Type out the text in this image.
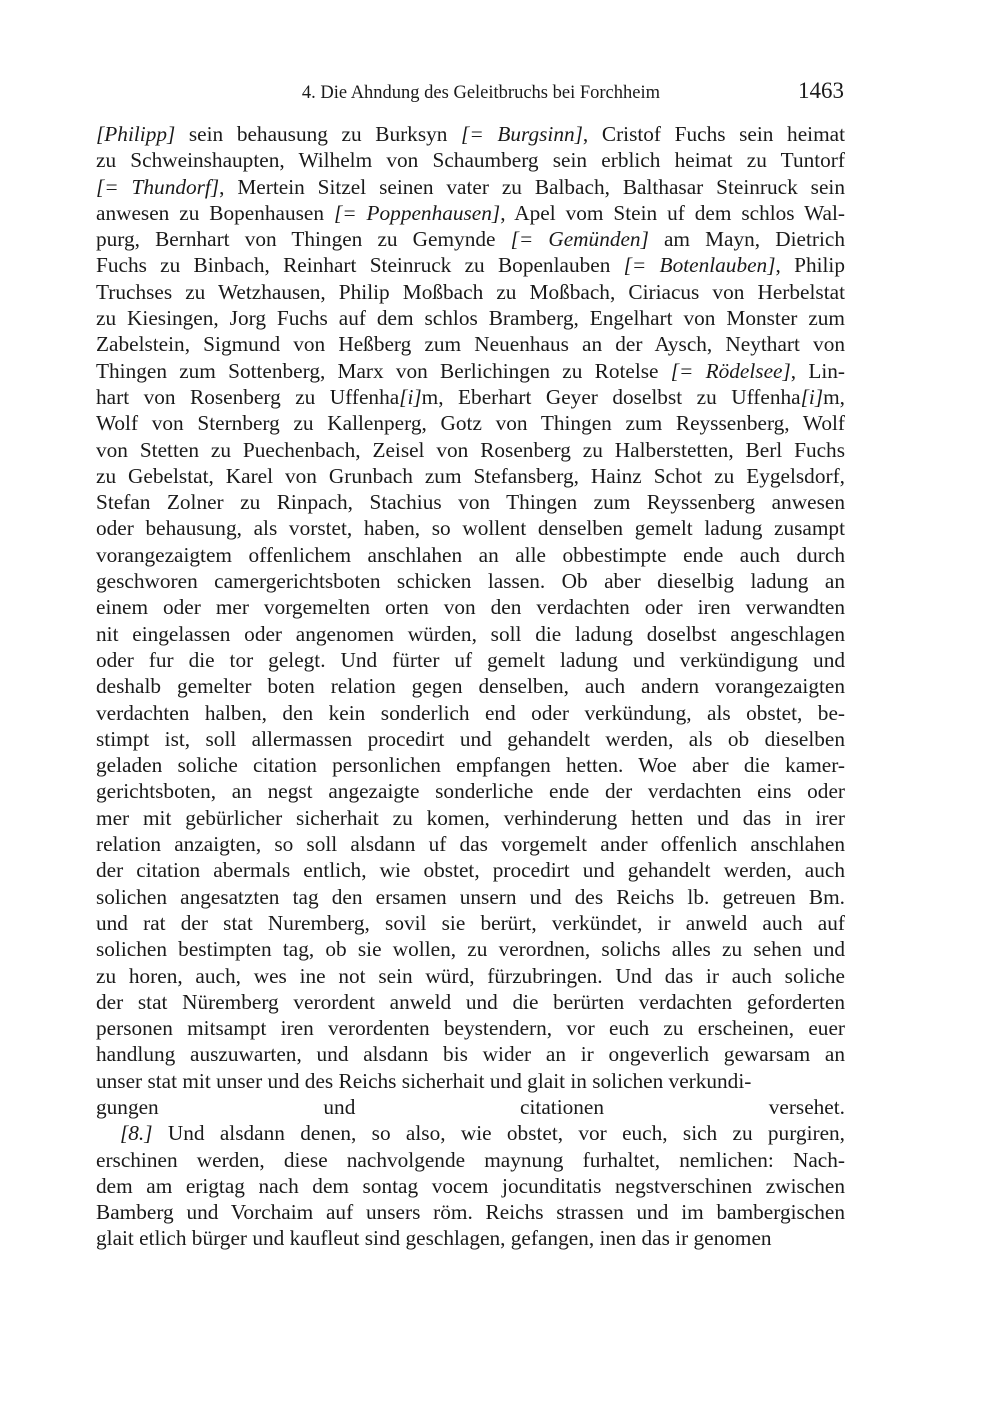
4. Die Ahndung des Geleitbruchs bei Forchheim	1463
[Philipp] sein behausung zu Burksyn [= Burgsinn], Cristof Fuchs sein heimat
zu Schweinshaupten, Wilhelm von Schaumberg sein erblich heimat zu Tuntorf
[= Thundorf], Mertein Sitzel seinen vater zu Balbach, Balthasar Steinruck sein
anwesen zu Bopenhausen [= Poppenhausen], Apel vom Stein uf dem schlos Wal-
purg, Bernhart von Thingen zu Gemynde [= Gemünden] am Mayn, Dietrich
Fuchs zu Binbach, Reinhart Steinruck zu Bopenlauben [= Botenlauben], Philip
Truchses zu Wetzhausen, Philip Moßbach zu Moßbach, Ciriacus von Herbelstat
zu Kiesingen, Jorg Fuchs auf dem schlos Bramberg, Engelhart von Monster zum
Zabelstein, Sigmund von Heßberg zum Neuenhaus an der Aysch, Neythart von
Thingen zum Sottenberg, Marx von Berlichingen zu Rotelse [= Rödelsee], Lin-
hart von Rosenberg zu Uffenha[i]m, Eberhart Geyer doselbst zu Uffenha[i]m,
Wolf von Sternberg zu Kallenperg, Gotz von Thingen zum Reyssenberg, Wolf
von Stetten zu Puechenbach, Zeisel von Rosenberg zu Halberstetten, Berl Fuchs
zu Gebelstat, Karel von Grunbach zum Stefansberg, Hainz Schot zu Eygelsdorf,
Stefan Zolner zu Rinpach, Stachius von Thingen zum Reyssenberg anwesen
oder behausung, als vorstet, haben, so wollent denselben gemelt ladung zusampt
vorangezaigtem offenlichem anschlahen an alle obbestimpte ende auch durch
geschworen camergerichtsboten schicken lassen. Ob aber dieselbig ladung an
einem oder mer vorgemelten orten von den verdachten oder iren verwandten
nit eingelassen oder angenomen würden, soll die ladung doselbst angeschlagen
oder fur die tor gelegt. Und fürter uf gemelt ladung und verkündigung und
deshalb gemelter boten relation gegen denselben, auch andern vorangezaigten
verdachten halben, den kein sonderlich end oder verkündung, als obstet, be-
stimpt ist, soll allermassen procedirt und gehandelt werden, als ob dieselben
geladen soliche citation personlichen empfangen hetten. Woe aber die kamer-
gerichtsboten, an negst angezaigte sonderliche ende der verdachten eins oder
mer mit gebürlicher sicherhait zu komen, verhinderung hetten und das in irer
relation anzaigten, so soll alsdann uf das vorgemelt ander offenlich anschlahen
der citation abermals entlich, wie obstet, procedirt und gehandelt werden, auch
solichen angesatzten tag den ersamen unsern und des Reichs lb. getreuen Bm.
und rat der stat Nuremberg, sovil sie berürt, verkündet, ir anweld auch auf
solichen bestimpten tag, ob sie wollen, zu verordnen, solichs alles zu sehen und
zu horen, auch, wes ine not sein würd, fürzubringen. Und das ir auch soliche
der stat Nüremberg verordent anweld und die berürten verdachten geforderten
personen mitsampt iren verordenten beystendern, vor euch zu erscheinen, euer
handlung auszuwarten, und alsdann bis wider an ir ongeverlich gewarsam an
unser stat mit unser und des Reichs sicherhait und glait in solichen verkundi-
gungen und citationen versehet.
[8.] Und alsdann denen, so also, wie obstet, vor euch, sich zu purgiren,
erschinen werden, diese nachvolgende maynung furhaltet, nemlichen: Nach-
dem am erigtag nach dem sontag vocem jocunditatis negstverschinen zwischen
Bamberg und Vorchaim auf unsers röm. Reichs strassen und im bambergischen
glait etlich bürger und kaufleut sind geschlagen, gefangen, inen das ir genomen
